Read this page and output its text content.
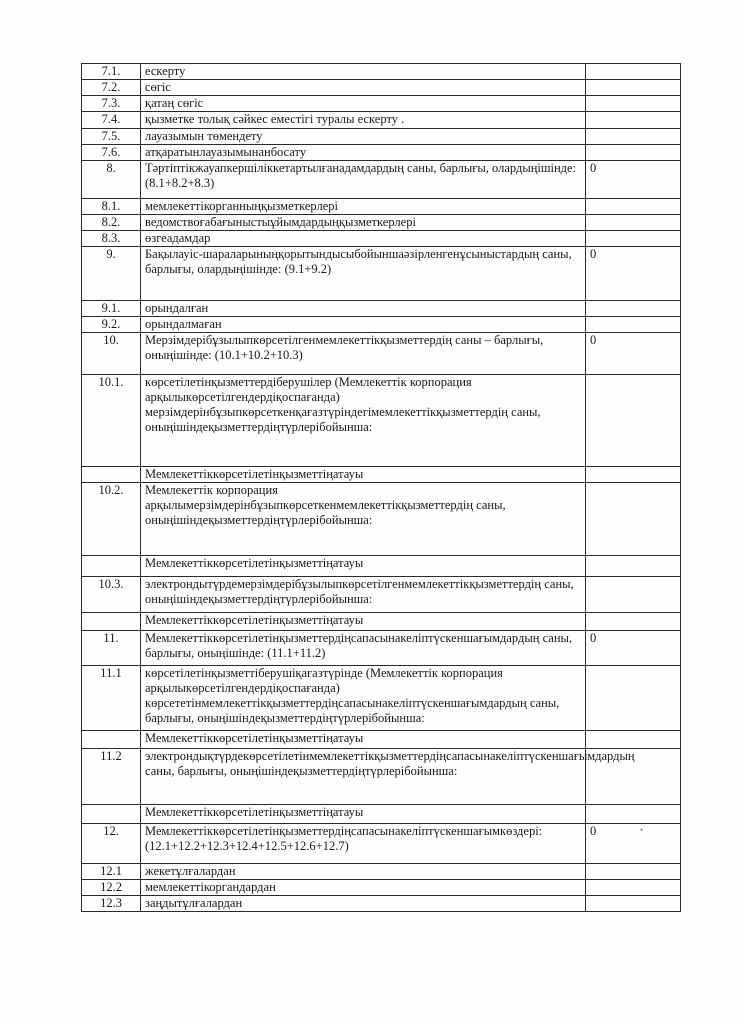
7.1.	ескерту	
7.2.	сөгіс	
7.3.	қатаң сөгіс	
7.4.	қызметке толық сәйкес еместігі туралы ескерту .	
7.5.	лауазымын төмендету	
7.6.	атқаратынлауазымынанбосату	
8.	Тәртіптікжауапкершіліккетартылғанадамдардың саны, барлығы, олардыңішінде: (8.1+8.2+8.3)	0
8.1.	мемлекеттікорганныңқызметкерлері	
8.2.	ведомствоғабағыныстыұйымдардыңқызметкерлері	
8.3.	өзгеадамдар	
9.	Бақылауіс-шараларыныңқорытындысыбойыншаәзірленгенұсыныстардың саны, барлығы, олардыңішінде: (9.1+9.2)	0
9.1.	орындалған	
9.2.	орындалмаған	
10.	Мерзімдерібұзылыпкөрсетілгенмемлекеттікқызметтердің саны – барлығы, оныңішінде: (10.1+10.2+10.3)	0
10.1.	көрсетілетінқызметтердіберушілер (Мемлекеттік корпорация арқылыкөрсетілгендердіқоспағанда) мерзімдерінбұзыпкөрсеткенқағазтүріндегімемлекеттікқызметтердің саны, оныңішіндеқызметтердіңтүрлерібойынша:	
	Мемлекеттіккөрсетілетінқызметтіңатауы	
10.2.	Мемлекеттік корпорация арқылымерзімдерінбұзыпкөрсеткенмемлекеттікқызметтердің саны, оныңішіндеқызметтердіңтүрлерібойынша:	
	Мемлекеттіккөрсетілетінқызметтіңатауы	
10.3.	электрондытүрдемерзімдерібұзылыпкөрсетілгенмемлекеттікқызметтердің саны, оныңішіндеқызметтердіңтүрлерібойынша:	
	Мемлекеттіккөрсетілетінқызметтіңатауы	
11.	Мемлекеттіккөрсетілетінқызметтердіңсапасынакеліптүскеншағымдардың саны, барлығы, оныңішінде: (11.1+11.2)	0
11.1	көрсетілетінқызметтіберушіқағазтүрінде (Мемлекеттік корпорация арқылыкөрсетілгендердіқоспағанда) көрсететінмемлекеттікқызметтердіңсапасынакеліптүскеншағымдардың саны, барлығы, оныңішіндеқызметтердіңтүрлерібойынша:	
	Мемлекеттіккөрсетілетінқызметтіңатауы	
11.2	электрондықтүрдекөрсетілетінмемлекеттікқызметтердіңсапасынакеліптүскеншағымдардың саны, барлығы, оныңішіндеқызметтердіңтүрлерібойынша:	
	Мемлекеттіккөрсетілетінқызметтіңатауы	
12.	Мемлекеттіккөрсетілетінқызметтердіңсапасынакеліптүскеншағымкөздері: (12.1+12.2+12.3+12.4+12.5+12.6+12.7)	0
12.1	жекетұлғалардан	
12.2	мемлекеттікоргандардан	
12.3	заңдытұлғалардан	
•
